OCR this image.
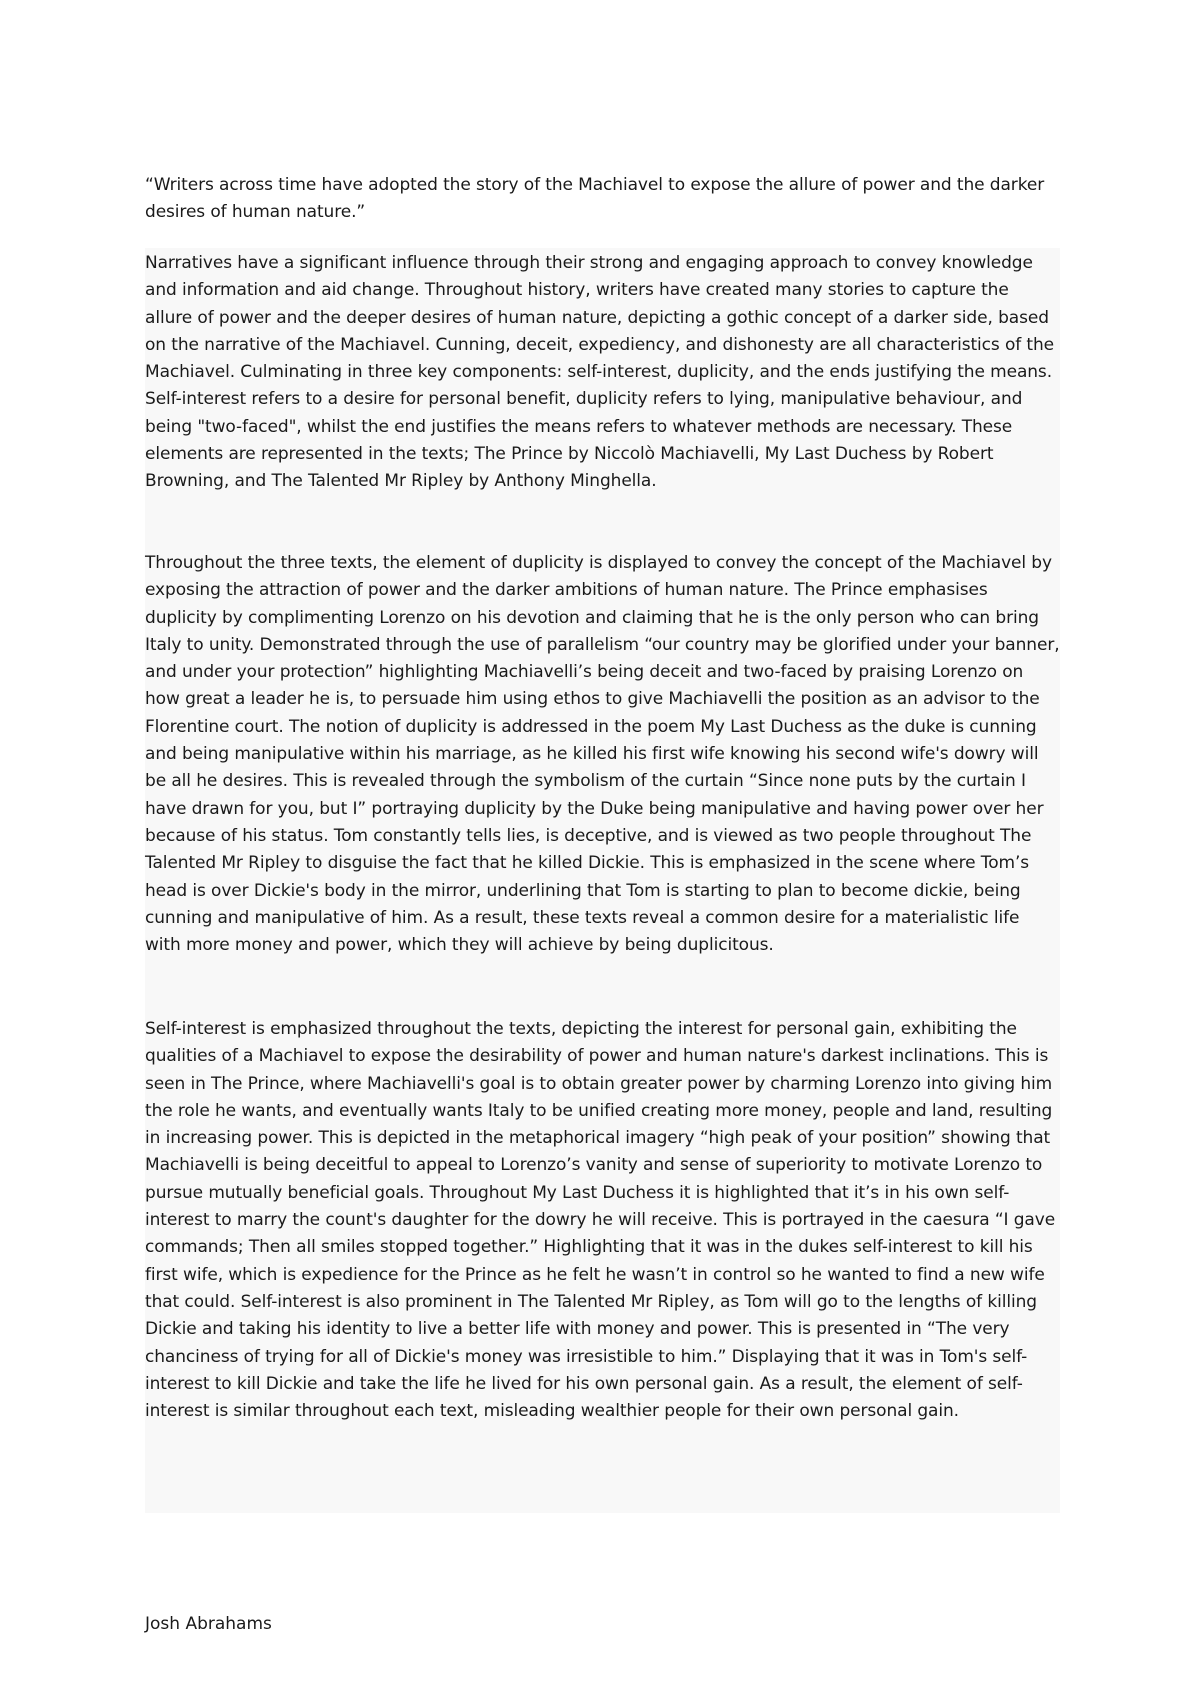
“Writers across time have adopted the story of the Machiavel to expose the allure of power and the darker desires of human nature.”

Narratives have a significant influence through their strong and engaging approach to convey knowledge and information and aid change. Throughout history, writers have created many stories to capture the allure of power and the deeper desires of human nature, depicting a gothic concept of a darker side, based on the narrative of the Machiavel. Cunning, deceit, expediency, and dishonesty are all characteristics of the Machiavel. Culminating in three key components: self-interest, duplicity, and the ends justifying the means. Self-interest refers to a desire for personal benefit, duplicity refers to lying, manipulative behaviour, and being "two-faced", whilst the end justifies the means refers to whatever methods are necessary. These elements are represented in the texts; The Prince by Niccolò Machiavelli, My Last Duchess by Robert Browning, and The Talented Mr Ripley by Anthony Minghella.

Throughout the three texts, the element of duplicity is displayed to convey the concept of the Machiavel by exposing the attraction of power and the darker ambitions of human nature. The Prince emphasises duplicity by complimenting Lorenzo on his devotion and claiming that he is the only person who can bring Italy to unity. Demonstrated through the use of parallelism “our country may be glorified under your banner, and under your protection” highlighting Machiavelli’s being deceit and two-faced by praising Lorenzo on how great a leader he is, to persuade him using ethos to give Machiavelli the position as an advisor to the Florentine court. The notion of duplicity is addressed in the poem My Last Duchess as the duke is cunning and being manipulative within his marriage, as he killed his first wife knowing his second wife's dowry will be all he desires. This is revealed through the symbolism of the curtain “Since none puts by the curtain I have drawn for you, but I” portraying duplicity by the Duke being manipulative and having power over her because of his status. Tom constantly tells lies, is deceptive, and is viewed as two people throughout The Talented Mr Ripley to disguise the fact that he killed Dickie. This is emphasized in the scene where Tom’s head is over Dickie's body in the mirror, underlining that Tom is starting to plan to become dickie, being cunning and manipulative of him. As a result, these texts reveal a common desire for a materialistic life with more money and power, which they will achieve by being duplicitous.

Self-interest is emphasized throughout the texts, depicting the interest for personal gain, exhibiting the qualities of a Machiavel to expose the desirability of power and human nature's darkest inclinations. This is seen in The Prince, where Machiavelli's goal is to obtain greater power by charming Lorenzo into giving him the role he wants, and eventually wants Italy to be unified creating more money, people and land, resulting in increasing power. This is depicted in the metaphorical imagery “high peak of your position” showing that Machiavelli is being deceitful to appeal to Lorenzo’s vanity and sense of superiority to motivate Lorenzo to pursue mutually beneficial goals. Throughout My Last Duchess it is highlighted that it’s in his own self-interest to marry the count's daughter for the dowry he will receive. This is portrayed in the caesura “I gave commands; Then all smiles stopped together.” Highlighting that it was in the dukes self-interest to kill his first wife, which is expedience for the Prince as he felt he wasn’t in control so he wanted to find a new wife that could. Self-interest is also prominent in The Talented Mr Ripley, as Tom will go to the lengths of killing Dickie and taking his identity to live a better life with money and power. This is presented in “The very chanciness of trying for all of Dickie's money was irresistible to him.” Displaying that it was in Tom's self-interest to kill Dickie and take the life he lived for his own personal gain. As a result, the element of self-interest is similar throughout each text, misleading wealthier people for their own personal gain.

Josh Abrahams
